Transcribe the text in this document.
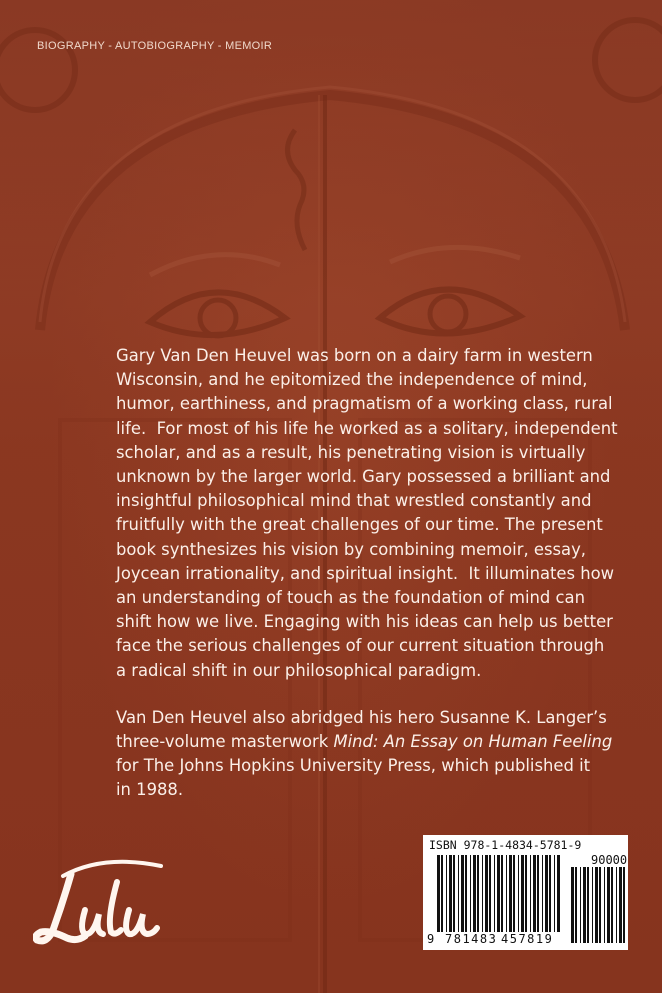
BIOGRAPHY - AUTOBIOGRAPHY - MEMOIR

Gary Van Den Heuvel was born on a dairy farm in western
Wisconsin, and he epitomized the independence of mind,
humor, earthiness, and pragmatism of a working class, rural
life.  For most of his life he worked as a solitary, independent
scholar, and as a result, his penetrating vision is virtually
unknown by the larger world. Gary possessed a brilliant and
insightful philosophical mind that wrestled constantly and
fruitfully with the great challenges of our time. The present
book synthesizes his vision by combining memoir, essay,
Joycean irrationality, and spiritual insight.  It illuminates how
an understanding of touch as the foundation of mind can
shift how we live. Engaging with his ideas can help us better
face the serious challenges of our current situation through
a radical shift in our philosophical paradigm.

Van Den Heuvel also abridged his hero Susanne K. Langer’s
three-volume masterwork Mind: An Essay on Human Feeling
for The Johns Hopkins University Press, which published it
in 1988.

ISBN 978-1-4834-5781-9
90000
9 781483 457819
